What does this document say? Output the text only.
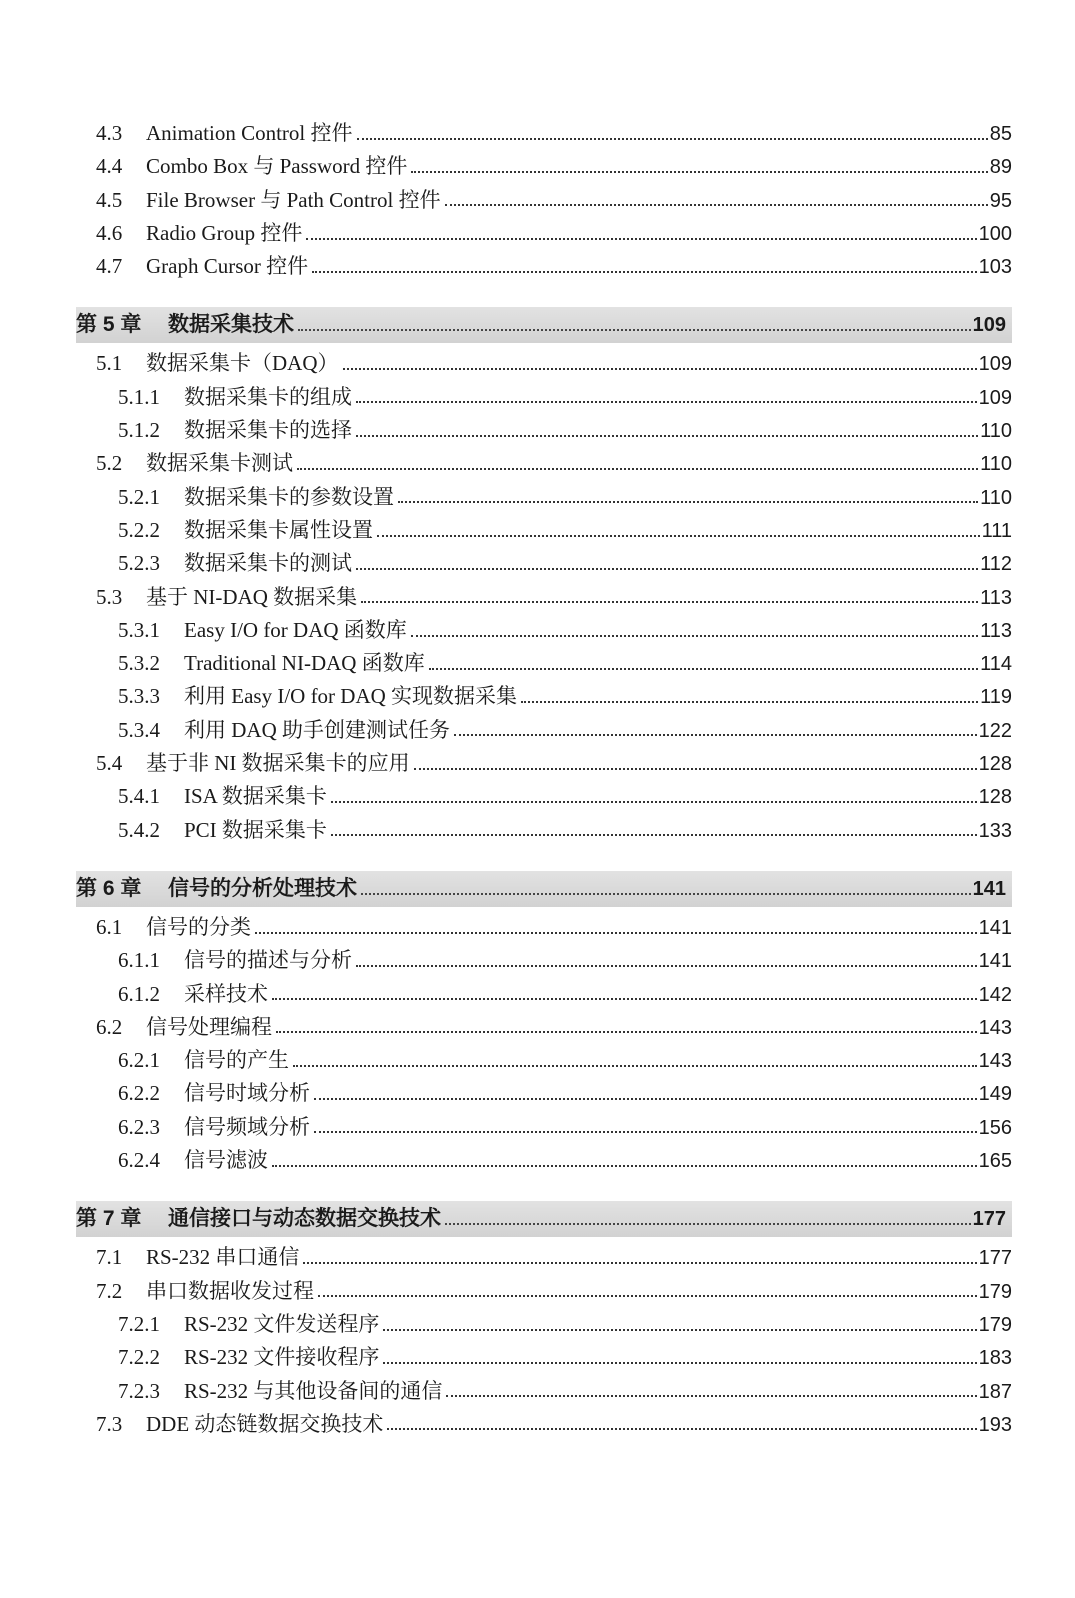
4.3	Animation Control 控件	85
4.4	Combo Box 与 Password 控件	89
4.5	File Browser 与 Path Control 控件	95
4.6	Radio Group 控件	100
4.7	Graph Cursor 控件	103
第 5 章	数据采集技术	109
5.1	数据采集卡（DAQ）	109
5.1.1	数据采集卡的组成	109
5.1.2	数据采集卡的选择	110
5.2	数据采集卡测试	110
5.2.1	数据采集卡的参数设置	110
5.2.2	数据采集卡属性设置	111
5.2.3	数据采集卡的测试	112
5.3	基于 NI-DAQ 数据采集	113
5.3.1	Easy I/O for DAQ 函数库	113
5.3.2	Traditional NI-DAQ 函数库	114
5.3.3	利用 Easy I/O for DAQ 实现数据采集	119
5.3.4	利用 DAQ 助手创建测试任务	122
5.4	基于非 NI 数据采集卡的应用	128
5.4.1	ISA 数据采集卡	128
5.4.2	PCI 数据采集卡	133
第 6 章	信号的分析处理技术	141
6.1	信号的分类	141
6.1.1	信号的描述与分析	141
6.1.2	采样技术	142
6.2	信号处理编程	143
6.2.1	信号的产生	143
6.2.2	信号时域分析	149
6.2.3	信号频域分析	156
6.2.4	信号滤波	165
第 7 章	通信接口与动态数据交换技术	177
7.1	RS-232 串口通信	177
7.2	串口数据收发过程	179
7.2.1	RS-232 文件发送程序	179
7.2.2	RS-232 文件接收程序	183
7.2.3	RS-232 与其他设备间的通信	187
7.3	DDE 动态链数据交换技术	193
